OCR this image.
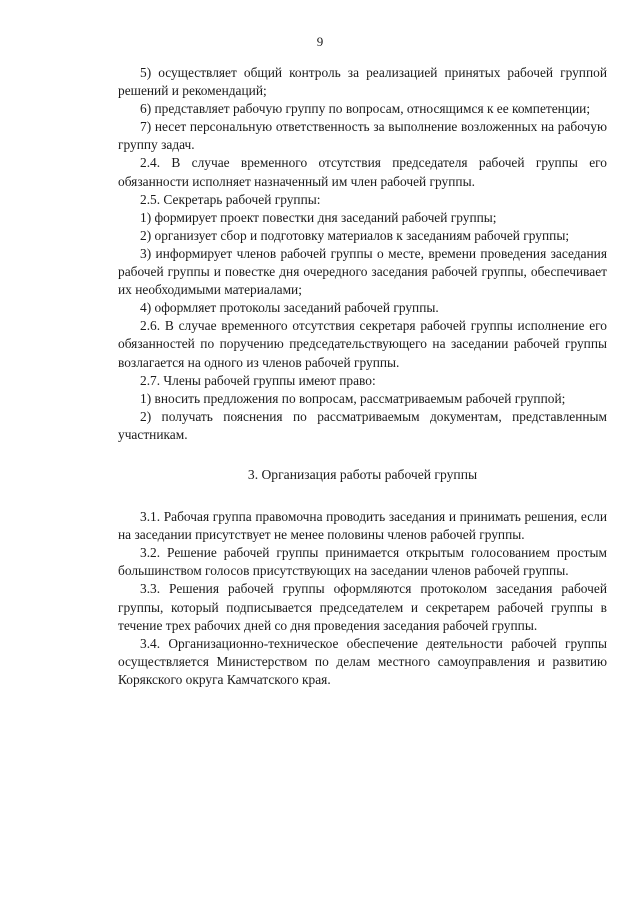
9

5) осуществляет общий контроль за реализацией принятых рабочей группой решений и рекомендаций;

6) представляет рабочую группу по вопросам, относящимся к ее компетенции;

7) несет персональную ответственность за выполнение возложенных на рабочую группу задач.

2.4. В случае временного отсутствия председателя рабочей группы его обязанности исполняет назначенный им член рабочей группы.

2.5. Секретарь рабочей группы:

1) формирует проект повестки дня заседаний рабочей группы;

2) организует сбор и подготовку материалов к заседаниям рабочей группы;

3) информирует членов рабочей группы о месте, времени проведения заседания рабочей группы и повестке дня очередного заседания рабочей группы, обеспечивает их необходимыми материалами;

4) оформляет протоколы заседаний рабочей группы.

2.6. В случае временного отсутствия секретаря рабочей группы исполнение его обязанностей по поручению председательствующего на заседании рабочей группы возлагается на одного из членов рабочей группы.

2.7. Члены рабочей группы имеют право:

1) вносить предложения по вопросам, рассматриваемым рабочей группой;

2) получать пояснения по рассматриваемым документам, представленным участникам.

3. Организация работы рабочей группы

3.1. Рабочая группа правомочна проводить заседания и принимать решения, если на заседании присутствует не менее половины членов рабочей группы.

3.2. Решение рабочей группы принимается открытым голосованием простым большинством голосов присутствующих на заседании членов рабочей группы.

3.3. Решения рабочей группы оформляются протоколом заседания рабочей группы, который подписывается председателем и секретарем рабочей группы в течение трех рабочих дней со дня проведения заседания рабочей группы.

3.4. Организационно-техническое обеспечение деятельности рабочей группы осуществляется Министерством по делам местного самоуправления и развитию Корякского округа Камчатского края.
